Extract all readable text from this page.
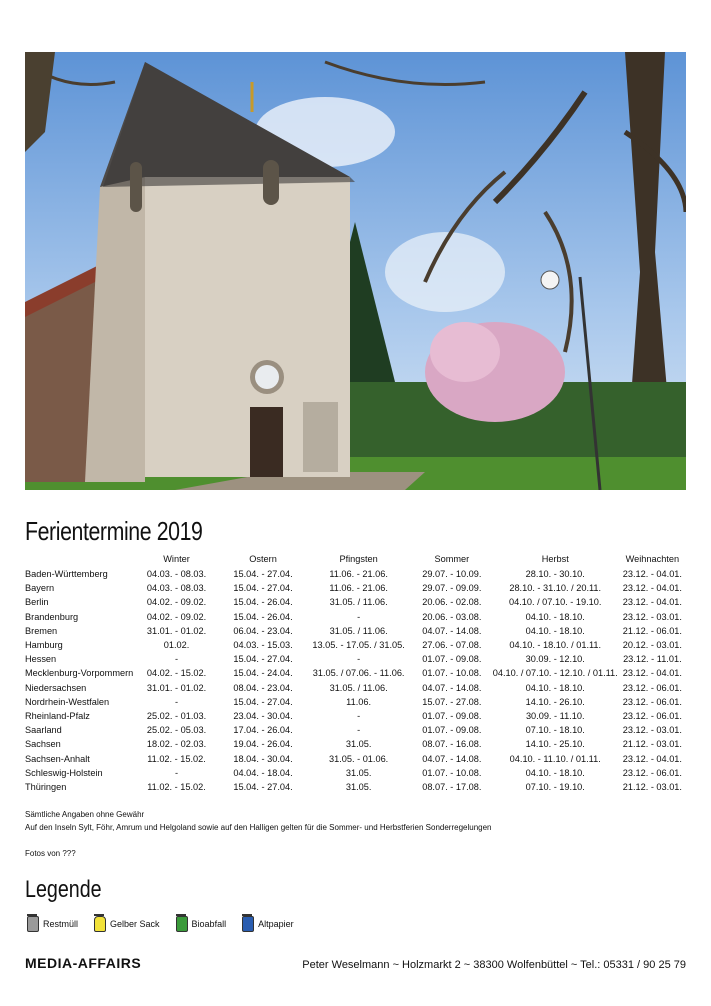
Ferientermine 2019
	Winter	Ostern	Pfingsten	Sommer	Herbst	Weihnachten
Baden-Württemberg	04.03. - 08.03.	15.04. - 27.04.	11.06. - 21.06.	29.07. - 10.09.	28.10. - 30.10.	23.12. - 04.01.
Bayern	04.03. - 08.03.	15.04. - 27.04.	11.06. - 21.06.	29.07. - 09.09.	28.10. - 31.10. / 20.11.	23.12. - 04.01.
Berlin	04.02. - 09.02.	15.04. - 26.04.	31.05. / 11.06.	20.06. - 02.08.	04.10. / 07.10. - 19.10.	23.12. - 04.01.
Brandenburg	04.02. - 09.02.	15.04. - 26.04.	-	20.06. - 03.08.	04.10. - 18.10.	23.12. - 03.01.
Bremen	31.01. - 01.02.	06.04. - 23.04.	31.05. / 11.06.	04.07. - 14.08.	04.10. - 18.10.	21.12. - 06.01.
Hamburg	01.02.	04.03. - 15.03.	13.05. - 17.05. / 31.05.	27.06. - 07.08.	04.10. - 18.10. / 01.11.	20.12. - 03.01.
Hessen	-	15.04. - 27.04.	-	01.07. - 09.08.	30.09. - 12.10.	23.12. - 11.01.
Mecklenburg-Vorpommern	04.02. - 15.02.	15.04. - 24.04.	31.05. / 07.06. - 11.06.	01.07. - 10.08.	04.10. / 07.10. - 12.10. / 01.11.	23.12. - 04.01.
Niedersachsen	31.01. - 01.02.	08.04. - 23.04.	31.05. / 11.06.	04.07. - 14.08.	04.10. - 18.10.	23.12. - 06.01.
Nordrhein-Westfalen	-	15.04. - 27.04.	11.06.	15.07. - 27.08.	14.10. - 26.10.	23.12. - 06.01.
Rheinland-Pfalz	25.02. - 01.03.	23.04. - 30.04.	-	01.07. - 09.08.	30.09. - 11.10.	23.12. - 06.01.
Saarland	25.02. - 05.03.	17.04. - 26.04.	-	01.07. - 09.08.	07.10. - 18.10.	23.12. - 03.01.
Sachsen	18.02. - 02.03.	19.04. - 26.04.	31.05.	08.07. - 16.08.	14.10. - 25.10.	21.12. - 03.01.
Sachsen-Anhalt	11.02. - 15.02.	18.04. - 30.04.	31.05. - 01.06.	04.07. - 14.08.	04.10. - 11.10. / 01.11.	23.12. - 04.01.
Schleswig-Holstein	-	04.04. - 18.04.	31.05.	01.07. - 10.08.	04.10. - 18.10.	23.12. - 06.01.
Thüringen	11.02. - 15.02.	15.04. - 27.04.	31.05.	08.07. - 17.08.	07.10. - 19.10.	21.12. - 03.01.
Sämtliche Angaben ohne Gewähr
Auf den Inseln Sylt, Föhr, Amrum und Helgoland sowie auf den Halligen gelten für die Sommer- und Herbstferien Sonderregelungen
Fotos von ???
Legende
Restmüll	Gelber Sack	Bioabfall	Altpapier
MEDIA-AFFAIRS	Peter Weselmann ~ Holzmarkt 2 ~ 38300 Wolfenbüttel ~ Tel.: 05331 / 90 25 79
